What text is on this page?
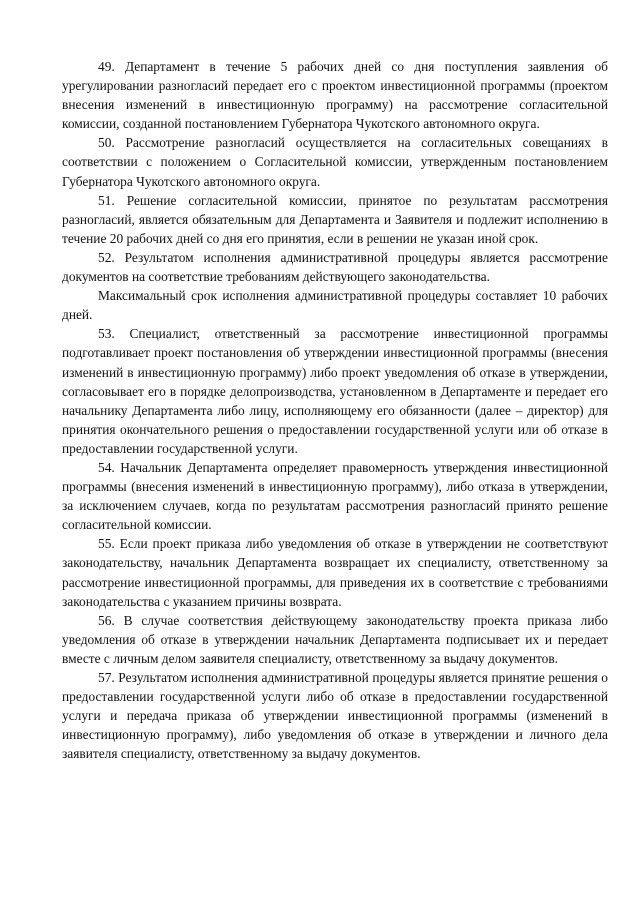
49. Департамент в течение 5 рабочих дней со дня поступления заявления об урегулировании разногласий передает его с проектом инвестиционной программы (проектом внесения изменений в инвестиционную программу) на рассмотрение согласительной комиссии, созданной постановлением Губернатора Чукотского автономного округа.

50. Рассмотрение разногласий осуществляется на согласительных совещаниях в соответствии с положением о Согласительной комиссии, утвержденным постановлением Губернатора Чукотского автономного округа.

51. Решение согласительной комиссии, принятое по результатам рассмотрения разногласий, является обязательным для Департамента и Заявителя и подлежит исполнению в течение 20 рабочих дней со дня его принятия, если в решении не указан иной срок.

52. Результатом исполнения административной процедуры является рассмотрение документов на соответствие требованиям действующего законодательства.

Максимальный срок исполнения административной процедуры составляет 10 рабочих дней.

53. Специалист, ответственный за рассмотрение инвестиционной программы подготавливает проект постановления об утверждении инвестиционной программы (внесения изменений в инвестиционную программу) либо проект уведомления об отказе в утверждении, согласовывает его в порядке делопроизводства, установленном в Департаменте и передает его начальнику Департамента либо лицу, исполняющему его обязанности (далее – директор) для принятия окончательного решения о предоставлении государственной услуги или об отказе в предоставлении государственной услуги.

54. Начальник Департамента определяет правомерность утверждения инвестиционной программы (внесения изменений в инвестиционную программу), либо отказа в утверждении, за исключением случаев, когда по результатам рассмотрения разногласий принято решение согласительной комиссии.

55. Если проект приказа либо уведомления об отказе в утверждении не соответствуют законодательству, начальник Департамента возвращает их специалисту, ответственному за рассмотрение инвестиционной программы, для приведения их в соответствие с требованиями законодательства с указанием причины возврата.

56. В случае соответствия действующему законодательству проекта приказа либо уведомления об отказе в утверждении начальник Департамента подписывает их и передает вместе с личным делом заявителя специалисту, ответственному за выдачу документов.

57. Результатом исполнения административной процедуры является принятие решения о предоставлении государственной услуги либо об отказе в предоставлении государственной услуги и передача приказа об утверждении инвестиционной программы (изменений в инвестиционную программу), либо уведомления об отказе в утверждении и личного дела заявителя специалисту, ответственному за выдачу документов.
